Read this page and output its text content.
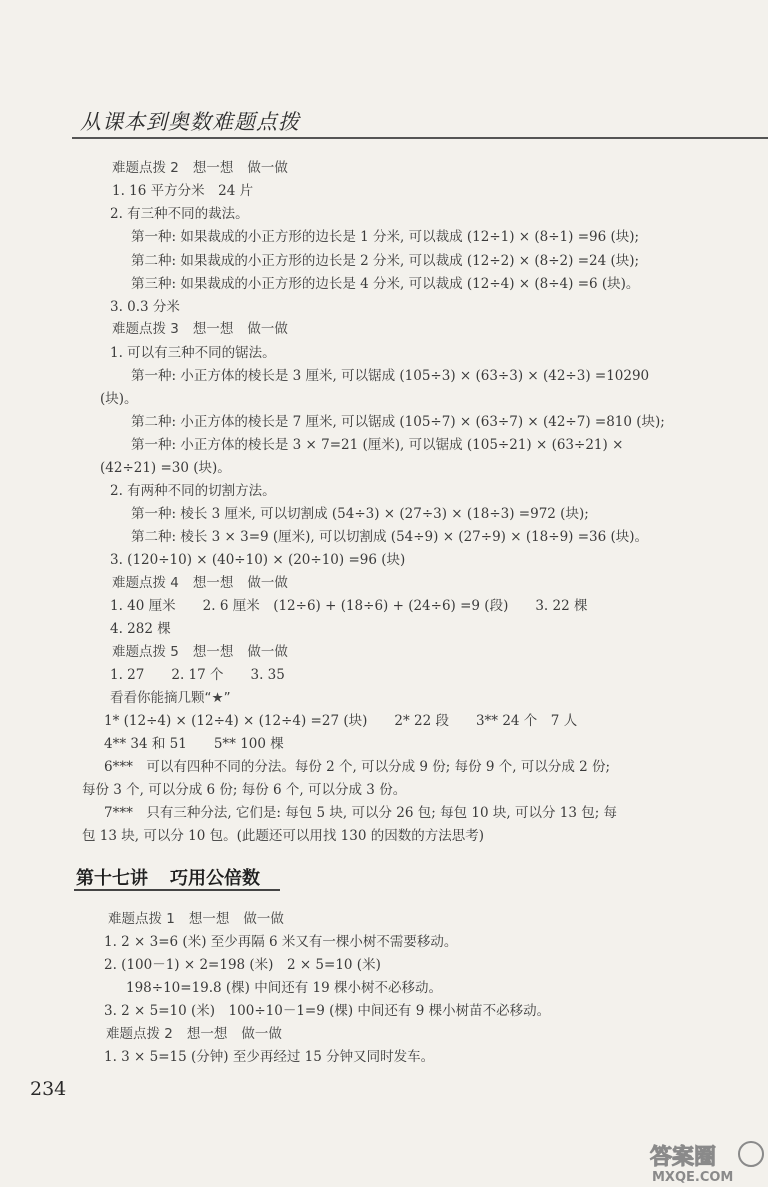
从课本到奥数难题点拨
难题点拨 2 想一想 做一做
1. 16 平方分米　24 片
2. 有三种不同的裁法。
第一种: 如果裁成的小正方形的边长是 1 分米, 可以裁成 (12÷1) × (8÷1) =96 (块);
第二种: 如果裁成的小正方形的边长是 2 分米, 可以裁成 (12÷2) × (8÷2) =24 (块);
第三种: 如果裁成的小正方形的边长是 4 分米, 可以裁成 (12÷4) × (8÷4) =6 (块)。
3. 0.3 分米
难题点拨 3 想一想 做一做
1. 可以有三种不同的锯法。
第一种: 小正方体的棱长是 3 厘米, 可以锯成 (105÷3) × (63÷3) × (42÷3) =10290
(块)。
第二种: 小正方体的棱长是 7 厘米, 可以锯成 (105÷7) × (63÷7) × (42÷7) =810 (块);
第一种: 小正方体的棱长是 3 × 7=21 (厘米), 可以锯成 (105÷21) × (63÷21) ×
(42÷21) =30 (块)。
2. 有两种不同的切割方法。
第一种: 棱长 3 厘米, 可以切割成 (54÷3) × (27÷3) × (18÷3) =972 (块);
第二种: 棱长 3 × 3=9 (厘米), 可以切割成 (54÷9) × (27÷9) × (18÷9) =36 (块)。
3. (120÷10) × (40÷10) × (20÷10) =96 (块)
难题点拨 4 想一想 做一做
1. 40 厘米　　2. 6 厘米　(12÷6) + (18÷6) + (24÷6) =9 (段)　　3. 22 棵
4. 282 棵
难题点拨 5 想一想 做一做
1. 27　　2. 17 个　　3. 35
看看你能摘几颗“★”
1* (12÷4) × (12÷4) × (12÷4) =27 (块)　　2* 22 段　　3** 24 个　7 人
4** 34 和 51　　5** 100 棵
6***　可以有四种不同的分法。每份 2 个, 可以分成 9 份; 每份 9 个, 可以分成 2 份;
每份 3 个, 可以分成 6 份; 每份 6 个, 可以分成 3 份。
7***　只有三种分法, 它们是: 每包 5 块, 可以分 26 包; 每包 10 块, 可以分 13 包; 每
包 13 块, 可以分 10 包。(此题还可以用找 130 的因数的方法思考)
第十七讲 巧用公倍数
难题点拨 1 想一想 做一做
1. 2 × 3=6 (米) 至少再隔 6 米又有一棵小树不需要移动。
2. (100－1) × 2=198 (米)　2 × 5=10 (米)
198÷10=19.8 (棵) 中间还有 19 棵小树不必移动。
3. 2 × 5=10 (米)　100÷10－1=9 (棵) 中间还有 9 棵小树苗不必移动。
难题点拨 2 想一想 做一做
1. 3 × 5=15 (分钟) 至少再经过 15 分钟又同时发车。
234
答案圈
MXQE.COM
